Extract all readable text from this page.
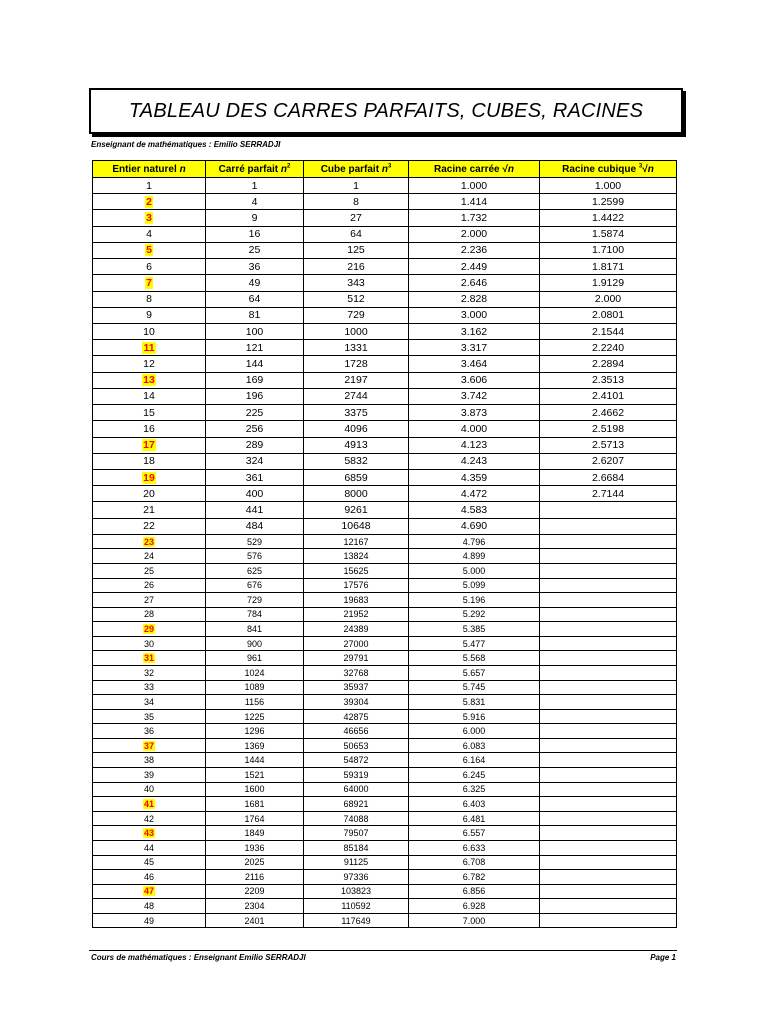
TABLEAU DES CARRES PARFAITS, CUBES, RACINES
Enseignant de mathématiques : Emilio SERRADJI
Entier naturel n	Carré parfait $n^2$	Cube parfait $n^3$	Racine carrée √n	Racine cubique $^3$√n
1	1	1	1.000	1.000
2	4	8	1.414	1.2599
3	9	27	1.732	1.4422
4	16	64	2.000	1.5874
5	25	125	2.236	1.7100
6	36	216	2.449	1.8171
7	49	343	2.646	1.9129
8	64	512	2.828	2.000
9	81	729	3.000	2.0801
10	100	1000	3.162	2.1544
11	121	1331	3.317	2.2240
12	144	1728	3.464	2.2894
13	169	2197	3.606	2.3513
14	196	2744	3.742	2.4101
15	225	3375	3.873	2.4662
16	256	4096	4.000	2.5198
17	289	4913	4.123	2.5713
18	324	5832	4.243	2.6207
19	361	6859	4.359	2.6684
20	400	8000	4.472	2.7144
21	441	9261	4.583	
22	484	10648	4.690	
23	529	12167	4.796	
24	576	13824	4.899	
25	625	15625	5.000	
26	676	17576	5.099	
27	729	19683	5.196	
28	784	21952	5.292	
29	841	24389	5.385	
30	900	27000	5.477	
31	961	29791	5.568	
32	1024	32768	5.657	
33	1089	35937	5.745	
34	1156	39304	5.831	
35	1225	42875	5.916	
36	1296	46656	6.000	
37	1369	50653	6.083	
38	1444	54872	6.164	
39	1521	59319	6.245	
40	1600	64000	6.325	
41	1681	68921	6.403	
42	1764	74088	6.481	
43	1849	79507	6.557	
44	1936	85184	6.633	
45	2025	91125	6.708	
46	2116	97336	6.782	
47	2209	103823	6.856	
48	2304	110592	6.928	
49	2401	117649	7.000	
Cours de mathématiques : Enseignant Emilio SERRADJI	Page 1
